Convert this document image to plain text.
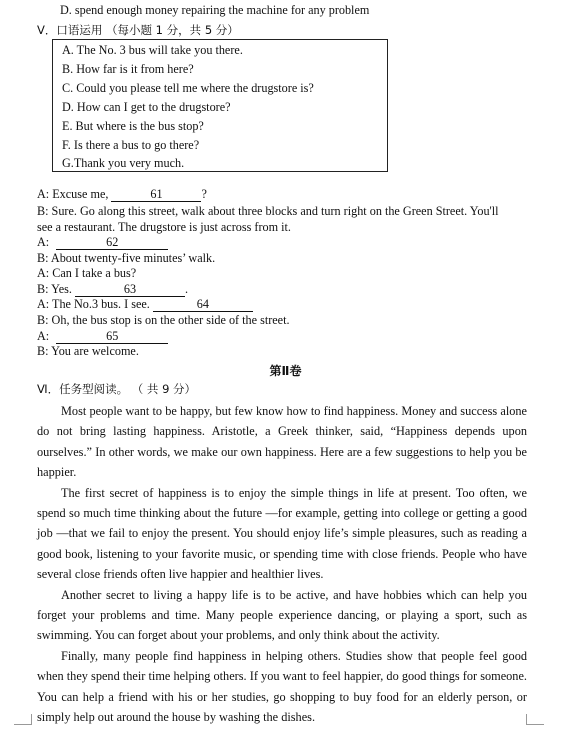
D. spend enough money repairing the machine for any problem
V．口语运用 （每小题 1 分，共 5 分）
A. The No. 3 bus will take you there.
B. How far is it from here?
C. Could you please tell me where the drugstore is?
D. How can I get to the drugstore?
E. But where is the bus stop?
F. Is there a bus to go there?
G.Thank you very much.
A: Excuse me,	61	?
B: Sure. Go along this street, walk about three blocks and turn right on the Green Street. You'll
see a restaurant. The drugstore is just across from it.
A:	62
B: About twenty-five minutes’ walk.
A: Can I take a bus?
B: Yes.	63	.
A: The No.3 bus. I see.	64
B: Oh, the bus stop is on the other side of the street.
A:	65
B: You are welcome.
第Ⅱ卷
Ⅵ．任务型阅读。 （ 共 9 分）

Most people want to be happy, but few know how to find happiness. Money and success alone do not bring lasting happiness. Aristotle, a Greek thinker, said, “Happiness depends upon ourselves.” In other words, we make our own happiness. Here are a few suggestions to help you be happier.

The first secret of happiness is to enjoy the simple things in life at present. Too often, we spend so much time thinking about the future —for example, getting into college or getting a good job —that we fail to enjoy the present. You should enjoy life’s simple pleasures, such as reading a good book, listening to your favorite music, or spending time with close friends. People who have several close friends often live happier and healthier lives.

Another secret to living a happy life is to be active, and have hobbies which can help you forget your problems and time. Many people experience dancing, or playing a sport, such as swimming. You can forget about your problems, and only think about the activity.

Finally, many people find happiness in helping others. Studies show that people feel good when they spend their time helping others. If you want to feel happier, do good things for someone. You can help a friend with his or her studies, go shopping to buy food for an elderly person, or simply help out around the house by washing the dishes.
